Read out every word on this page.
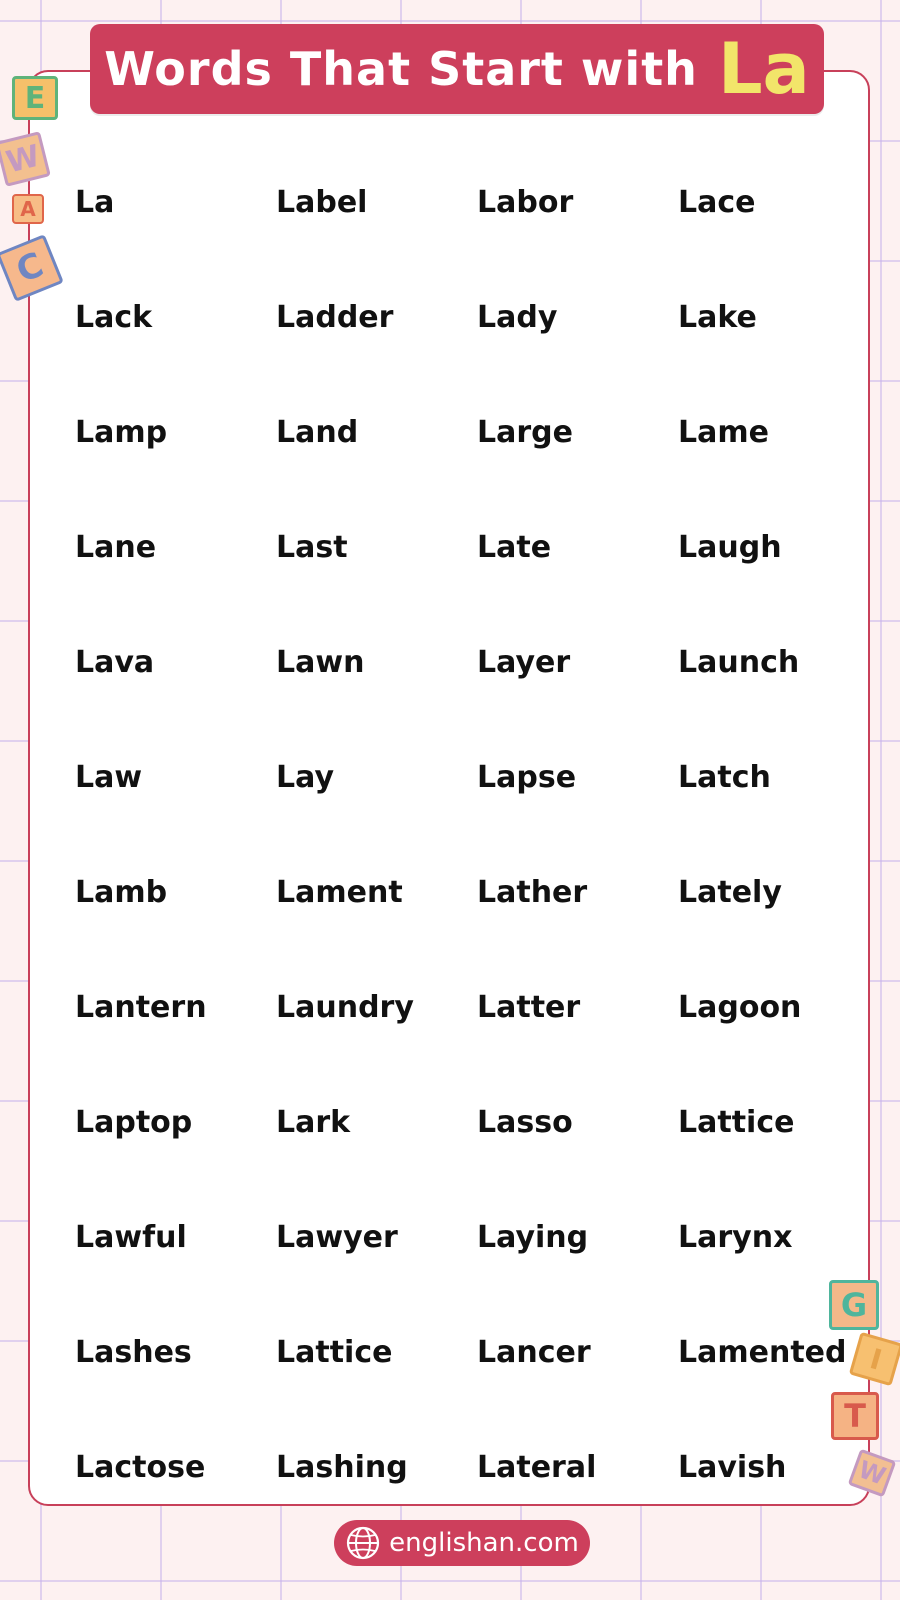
Words That Start with La
La	Label	Labor	Lace
Lack	Ladder	Lady	Lake
Lamp	Land	Large	Lame
Lane	Last	Late	Laugh
Lava	Lawn	Layer	Launch
Law	Lay	Lapse	Latch
Lamb	Lament	Lather	Lately
Lantern	Laundry	Latter	Lagoon
Laptop	Lark	Lasso	Lattice
Lawful	Lawyer	Laying	Larynx
Lashes	Lattice	Lancer	Lamented
Lactose	Lashing	Lateral	Lavish
E
W
A
C
G
I
T
W
englishan.com
